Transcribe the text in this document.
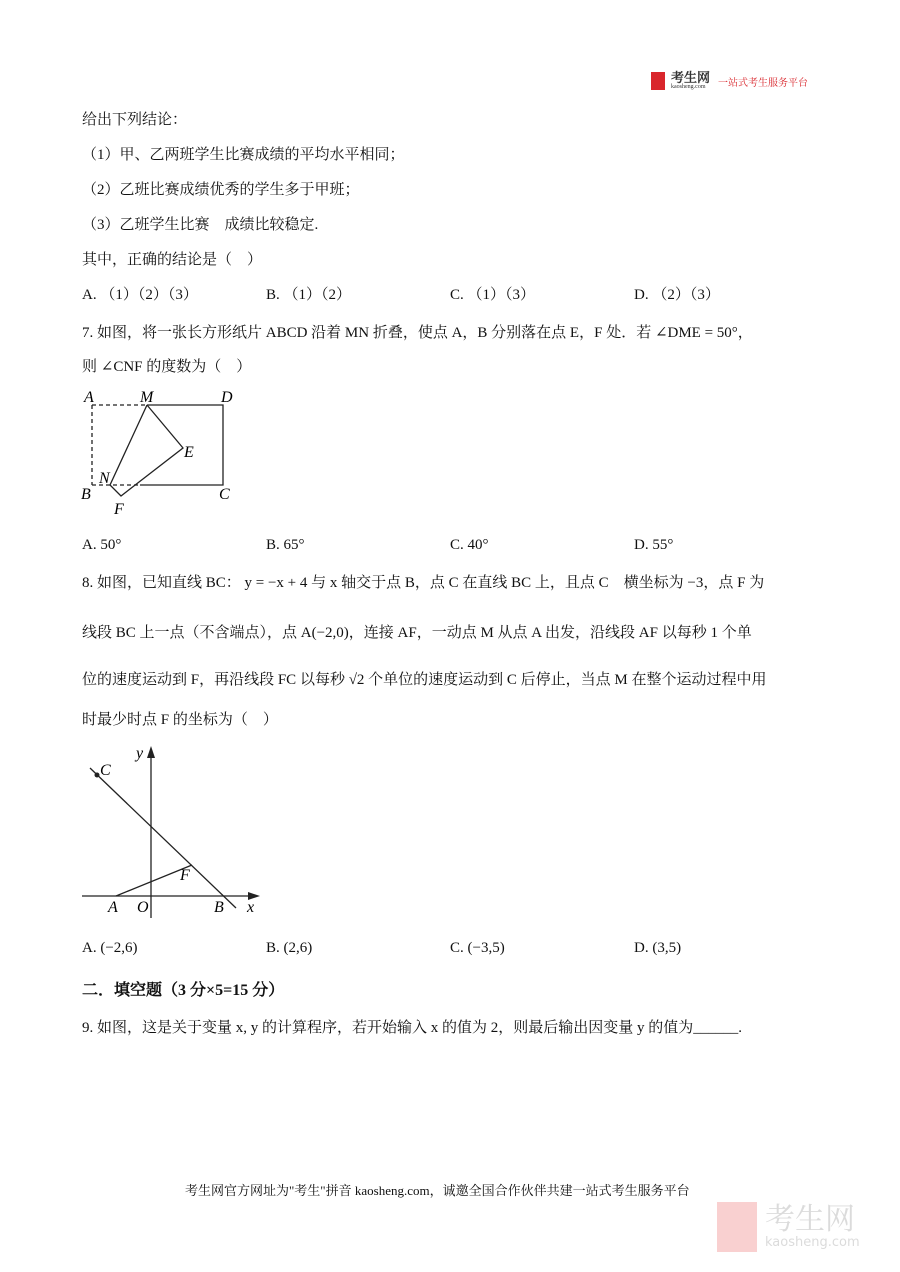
考生网
kaosheng.com	一站式考生服务平台
给出下列结论：
（1）甲、乙两班学生比赛成绩的平均水平相同；
（2）乙班比赛成绩优秀的学生多于甲班；
（3）乙班学生比赛　成绩比较稳定.
其中，正确的结论是（　）
A. （1）（2）（3）	B. （1）（2）	C. （1）（3）	D. （2）（3）
7. 如图，将一张长方形纸片 ABCD 沿着 MN 折叠，使点 A，B 分别落在点 E，F 处．若 ∠DME = 50°，
则 ∠CNF 的度数为（　）
A	M	D
E
N
B	C
F
A. 50°	B. 65°	C. 40°	D. 55°
8. 如图，已知直线 BC： y = −x + 4 与 x 轴交于点 B，点 C 在直线 BC 上，且点 C　横坐标为 −3，点 F 为
线段 BC 上一点（不含端点），点 A(−2,0)，连接 AF，一动点 M 从点 A 出发，沿线段 AF 以每秒 1 个单
位的速度运动到 F，再沿线段 FC 以每秒 √2 个单位的速度运动到 C 后停止，当点 M 在整个运动过程中用
时最少时点 F 的坐标为（　）
y
C
F
A O	B x
A. (−2,6)	B. (2,6)	C. (−3,5)	D. (3,5)
二．填空题（3 分×5=15 分）
9. 如图，这是关于变量 x, y 的计算程序，若开始输入 x 的值为 2，则最后输出因变量 y 的值为______.
考生网官方网址为"考生"拼音 kaosheng.com，诚邀全国合作伙伴共建一站式考生服务平台
考生网
kaosheng.com
